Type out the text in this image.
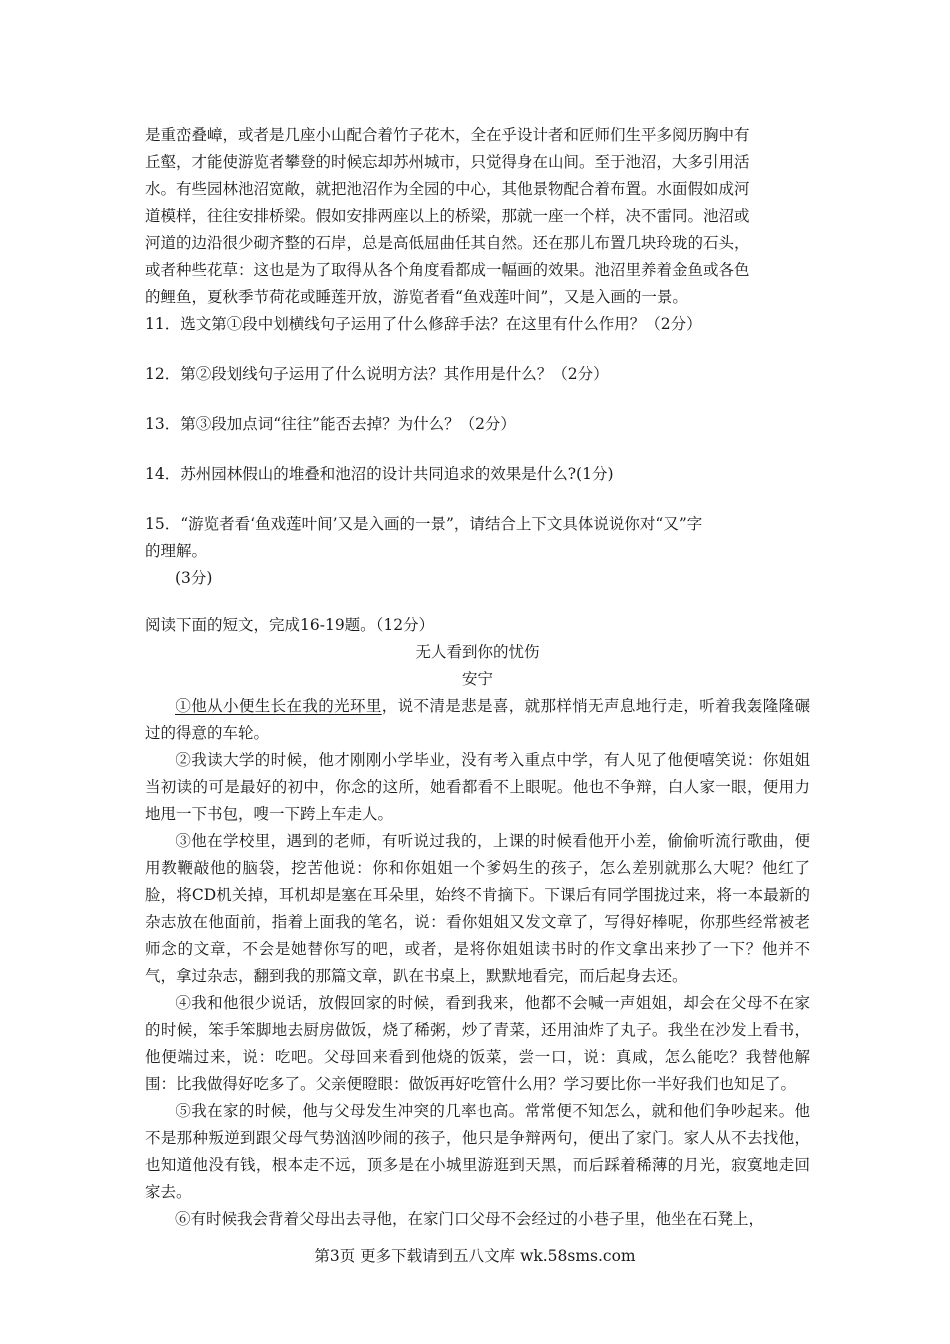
是重峦叠嶂，或者是几座小山配合着竹子花木，全在乎设计者和匠师们生平多阅历胸中有
丘壑，才能使游览者攀登的时候忘却苏州城市，只觉得身在山间。至于池沼，大多引用活
水。有些园林池沼宽敞，就把池沼作为全园的中心，其他景物配合着布置。水面假如成河
道模样，往往安排桥梁。假如安排两座以上的桥梁，那就一座一个样，决不雷同。池沼或
河道的边沿很少砌齐整的石岸，总是高低屈曲任其自然。还在那儿布置几块玲珑的石头，
或者种些花草：这也是为了取得从各个角度看都成一幅画的效果。池沼里养着金鱼或各色
的鲤鱼，夏秋季节荷花或睡莲开放，游览者看“鱼戏莲叶间”，又是入画的一景。
11．选文第①段中划横线句子运用了什么修辞手法？在这里有什么作用？（2分）
12．第②段划线句子运用了什么说明方法？其作用是什么？（2分）
13．第③段加点词“往往”能否去掉？为什么？（2分）
14．苏州园林假山的堆叠和池沼的设计共同追求的效果是什么?(1分)
15．“游览者看‘鱼戏莲叶间’又是入画的一景”，请结合上下文具体说说你对“又”字
的理解。
(3分)
阅读下面的短文，完成16-19题。（12分）
无人看到你的忧伤
安宁
①他从小便生长在我的光环里，说不清是悲是喜，就那样悄无声息地行走，听着我轰隆隆碾过的得意的车轮。
②我读大学的时候，他才刚刚小学毕业，没有考入重点中学，有人见了他便嘻笑说：你姐姐当初读的可是最好的初中，你念的这所，她看都看不上眼呢。他也不争辩，白人家一眼，便用力地甩一下书包，嗖一下跨上车走人。
③他在学校里，遇到的老师，有听说过我的，上课的时候看他开小差，偷偷听流行歌曲，便用教鞭敲他的脑袋，挖苦他说：你和你姐姐一个爹妈生的孩子，怎么差别就那么大呢？他红了脸，将CD机关掉，耳机却是塞在耳朵里，始终不肯摘下。下课后有同学围拢过来，将一本最新的杂志放在他面前，指着上面我的笔名，说：看你姐姐又发文章了，写得好棒呢，你那些经常被老师念的文章，不会是她替你写的吧，或者，是将你姐姐读书时的作文拿出来抄了一下？他并不气，拿过杂志，翻到我的那篇文章，趴在书桌上，默默地看完，而后起身去还。
④我和他很少说话，放假回家的时候，看到我来，他都不会喊一声姐姐，却会在父母不在家的时候，笨手笨脚地去厨房做饭，烧了稀粥，炒了青菜，还用油炸了丸子。我坐在沙发上看书，他便端过来，说：吃吧。父母回来看到他烧的饭菜，尝一口，说：真咸，怎么能吃？我替他解围：比我做得好吃多了。父亲便瞪眼：做饭再好吃管什么用？学习要比你一半好我们也知足了。
⑤我在家的时候，他与父母发生冲突的几率也高。常常便不知怎么，就和他们争吵起来。他不是那种叛逆到跟父母气势汹汹吵闹的孩子，他只是争辩两句，便出了家门。家人从不去找他，也知道他没有钱，根本走不远，顶多是在小城里游逛到天黑，而后踩着稀薄的月光，寂寞地走回家去。
⑥有时候我会背着父母出去寻他，在家门口父母不会经过的小巷子里，他坐在石凳上，
第3页 更多下载请到五八文库 wk.58sms.com
